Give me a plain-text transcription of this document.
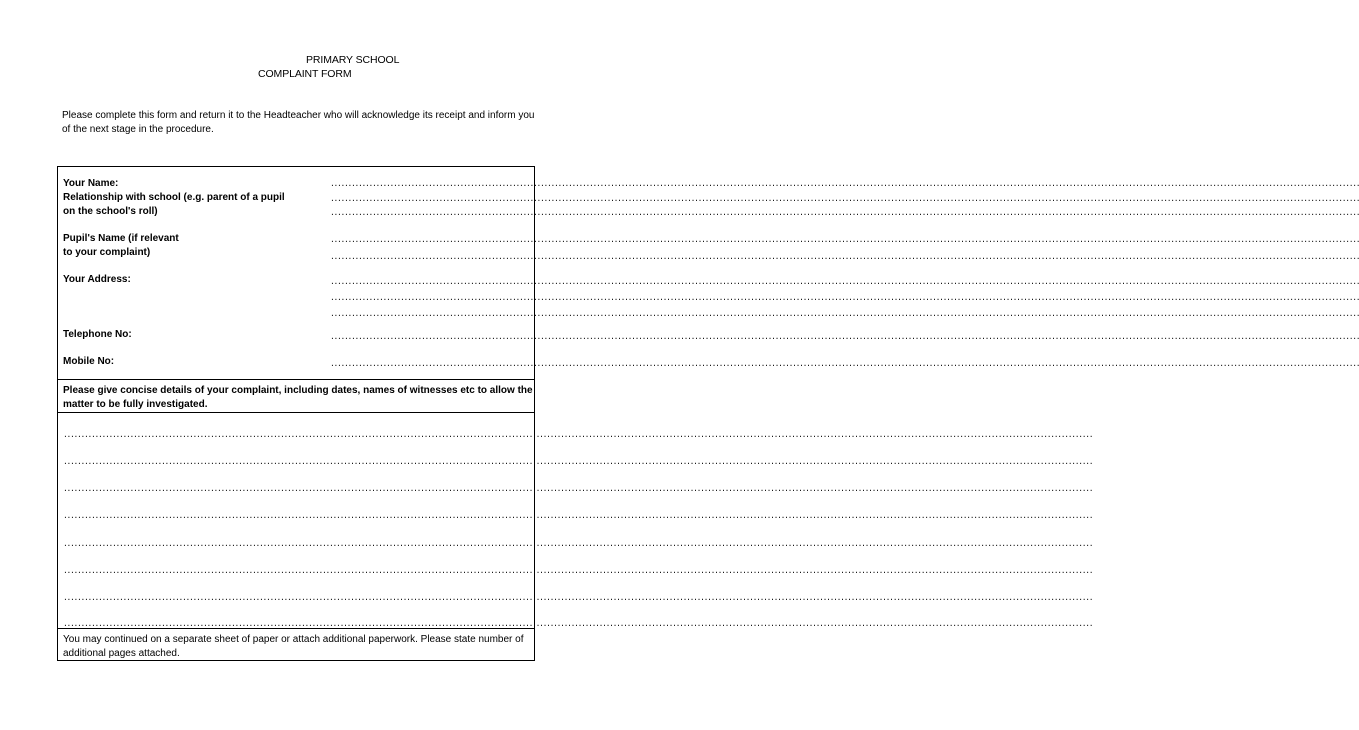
PRIMARY SCHOOL
COMPLAINT FORM
Please complete this form and return it to the Headteacher who will acknowledge its receipt and inform you of the next stage in the procedure.
Your Name:	......................................................................................................................................................................................................................................................................................................
Relationship with school (e.g. parent of a pupil on the school's roll)
......................................................................................................................................................................................................................................................................................................
......................................................................................................................................................................................................................................................................................................
Pupil's Name (if relevant
to your complaint)
......................................................................................................................................................................................................................................................................................................
......................................................................................................................................................................................................................................................................................................
Your Address:	......................................................................................................................................................................................................................................................................................................
......................................................................................................................................................................................................................................................................................................
......................................................................................................................................................................................................................................................................................................
Telephone No:	......................................................................................................................................................................................................................................................................................................
Mobile No:	......................................................................................................................................................................................................................................................................................................
Please give concise details of your complaint, including dates, names of witnesses etc to allow the matter to be fully investigated.
......................................................................................................................................................................................................................................................................................................
......................................................................................................................................................................................................................................................................................................
......................................................................................................................................................................................................................................................................................................
......................................................................................................................................................................................................................................................................................................
......................................................................................................................................................................................................................................................................................................
......................................................................................................................................................................................................................................................................................................
......................................................................................................................................................................................................................................................................................................
......................................................................................................................................................................................................................................................................................................
You may continued on a separate sheet of paper or attach additional paperwork. Please state number of additional pages attached.
